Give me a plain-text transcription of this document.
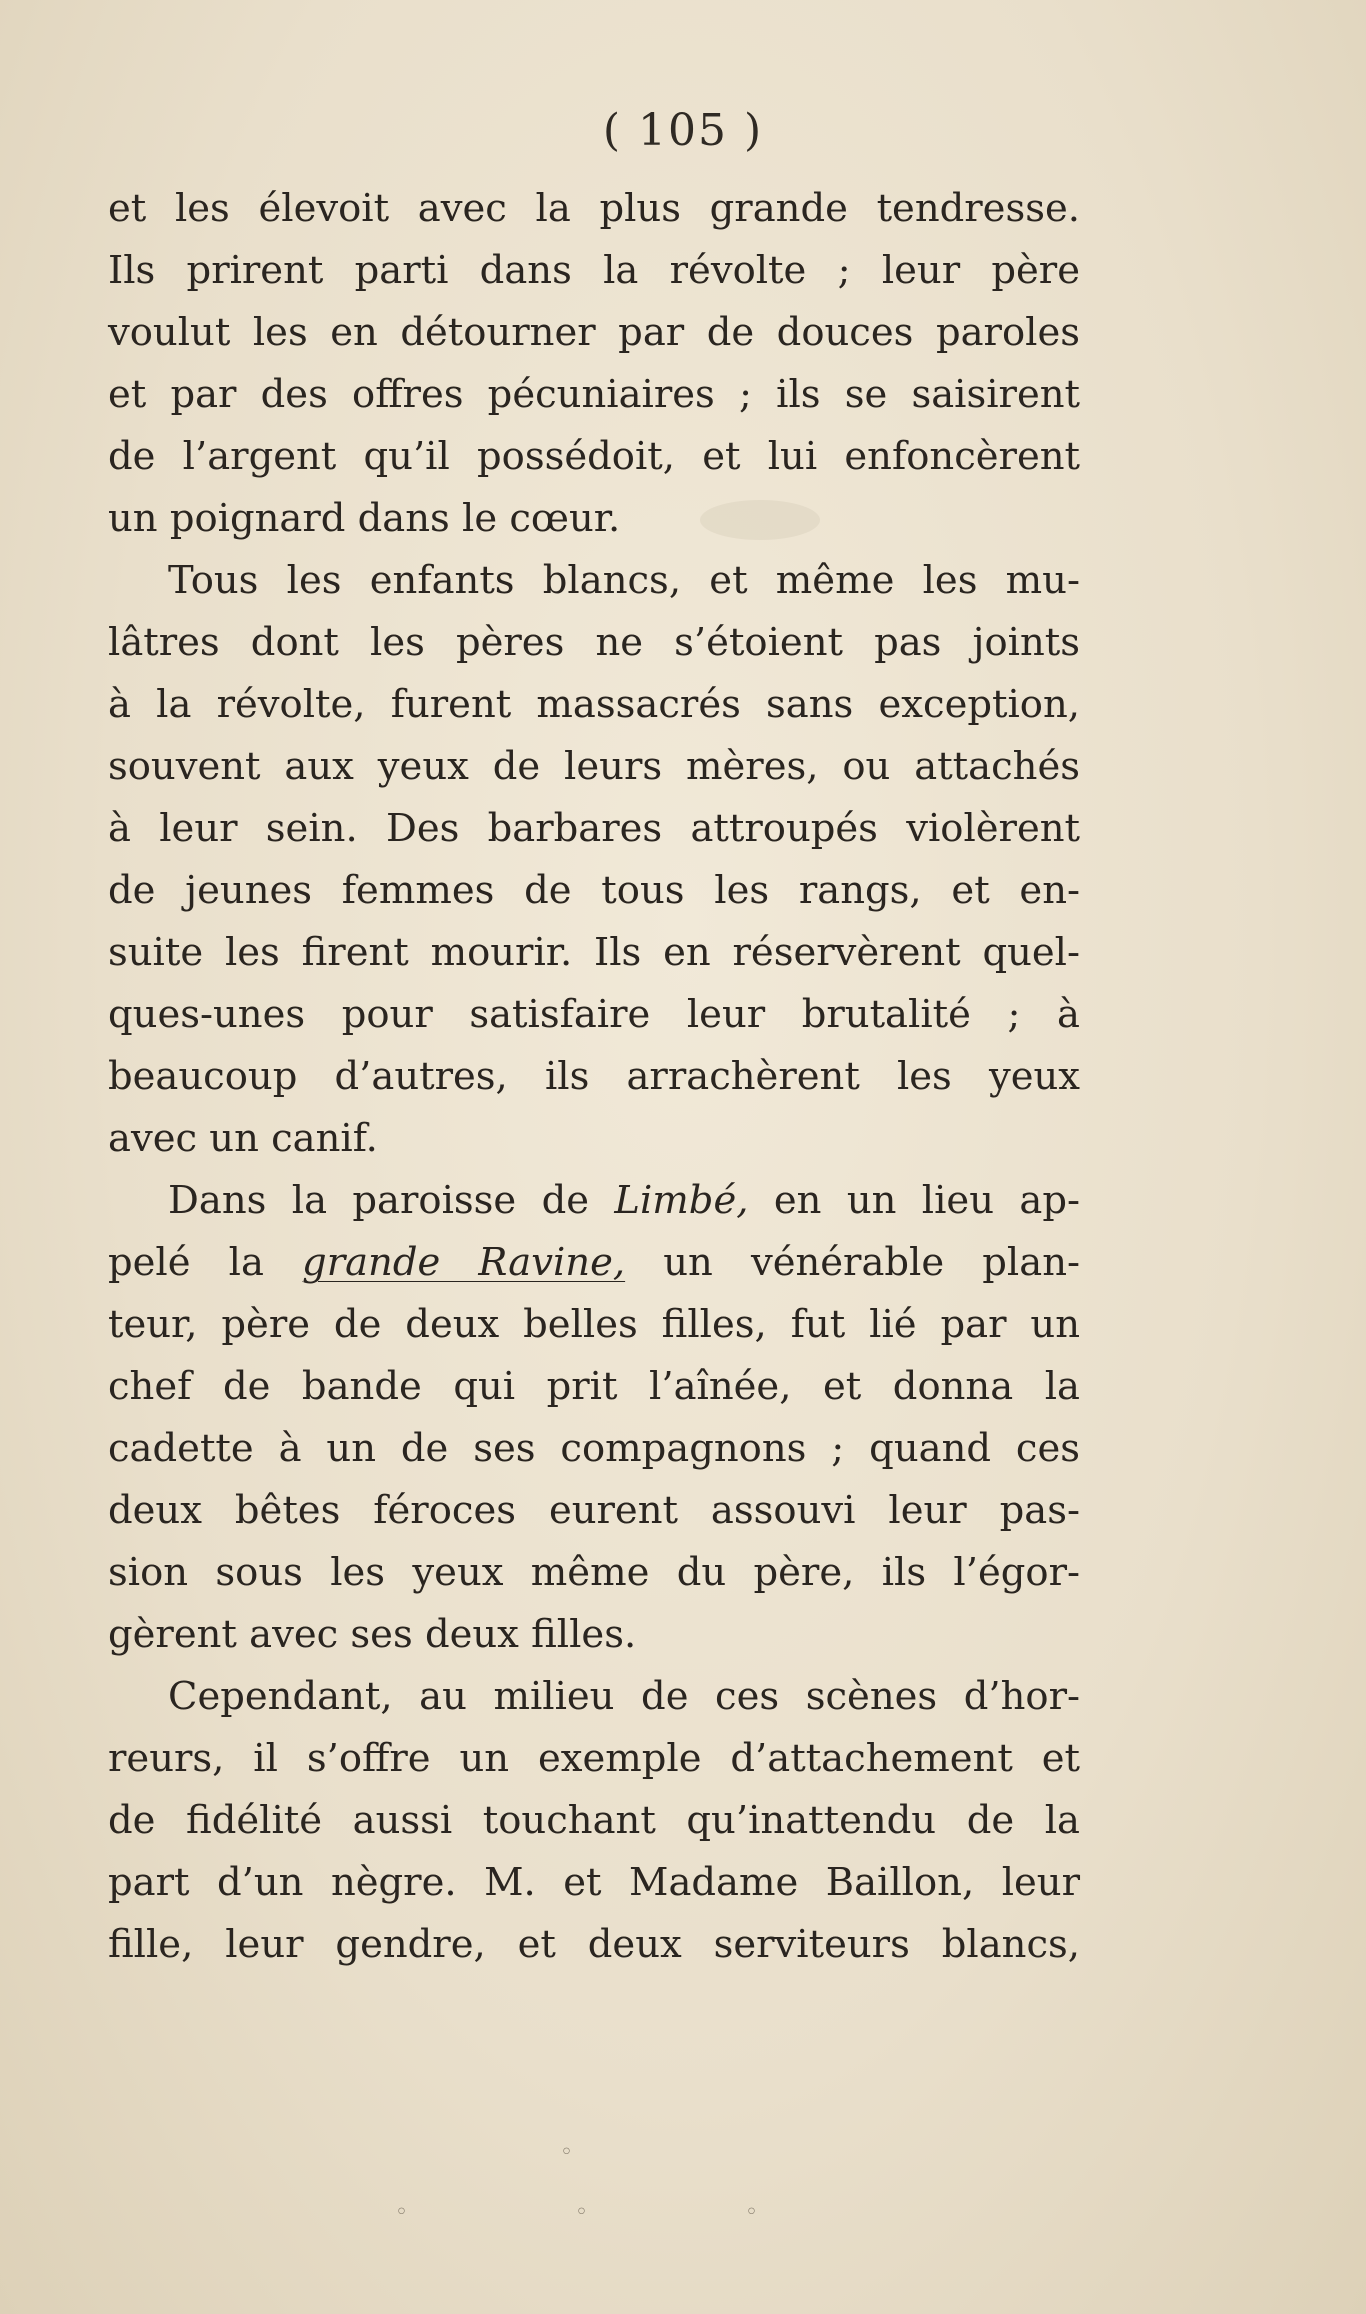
( 105 )

et les élevoit avec la plus grande tendresse.
Ils prirent parti dans la révolte ; leur père
voulut les en détourner par de douces paroles
et par des offres pécuniaires ; ils se saisirent
de l’argent qu’il possédoit, et lui enfoncèrent
un poignard dans le cœur.

Tous les enfants blancs, et même les mu-
lâtres dont les pères ne s’étoient pas joints
à la révolte, furent massacrés sans exception,
souvent aux yeux de leurs mères, ou attachés
à leur sein. Des barbares attroupés violèrent
de jeunes femmes de tous les rangs, et en-
suite les firent mourir. Ils en réservèrent quel-
ques-unes pour satisfaire leur brutalité ; à
beaucoup d’autres, ils arrachèrent les yeux
avec un canif.

Dans la paroisse de Limbé, en un lieu ap-
pelé la grande Ravine, un vénérable plan-
teur, père de deux belles filles, fut lié par un
chef de bande qui prit l’aînée, et donna la
cadette à un de ses compagnons ; quand ces
deux bêtes féroces eurent assouvi leur pas-
sion sous les yeux même du père, ils l’égor-
gèrent avec ses deux filles.

Cependant, au milieu de ces scènes d’hor-
reurs, il s’offre un exemple d’attachement et
de fidélité aussi touchant qu’inattendu de la
part d’un nègre. M. et Madame Baillon, leur
fille, leur gendre, et deux serviteurs blancs,

◦
◦	◦	◦
